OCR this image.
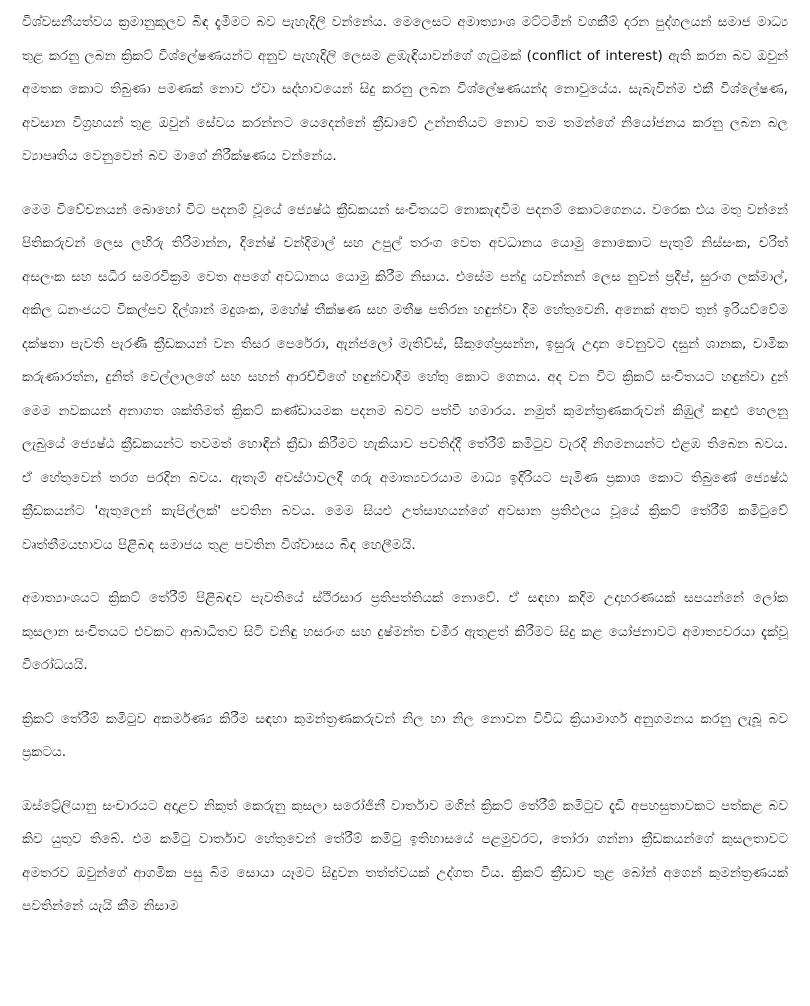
විශ්වසනීයත්වය ක්‍රමානුකූලව බිඳ දැමීමට බව පැහැදිලි වන්නේය. මෙලෙසට අමාත්‍යාංශ මට්ටමින් වගකීම් දරන පුද්ගලයන් සමාජ මාධ්‍ය තුළ කරනු ලබන ක්‍රිකට් විශ්ලේෂණයන්ට අනුව පැහැදිලි ලෙසම ළඹැඳියාවන්ගේ ගැටුමක් (conflict of interest) ඇති කරන බව ඔවුන් අමතක කොට තිබුණා පමණක් නොව ඒවා සද්භාවයෙන් සිදු කරනු ලබන විශ්ලේෂණයන්ද නොවුයේය. සැබැවින්ම එකී විශ්ලේෂණ, අවසාන විග්‍රහයන් තුළ ඔවුන් සේවය කරන්නට යෙදෙන්නේ ක්‍රීඩාවේ උන්නතියට නොව තම තමන්ගේ නියෝජනය කරනු ලබන බල ව්‍යාපෘතිය වෙනුවෙන් බව මාගේ නිරීක්ෂණය වන්නේය.

මෙම විවේචනයන් බොහෝ විට පදනම් වූයේ ජ්‍යෙෂ්ඨ ක්‍රීඩකයන් සංචිතයට නොකැඳවීම පදනම් කොටගෙනය. වරෙක එය මතු වන්නේ පිතිකරුවන් ලෙස ලහිරු තිරිමාන්න, දිනේෂ් චන්දිමාල් සහ උපුල් තරංග වෙත අවධානය යොමු නොකොට පැතුම් නිස්සංක, චරිත් අසලංක සහ සධීර සමරවික්‍රම වෙත අපගේ අවධානය යොමු කිරීම නිසාය. එසේම පන්දු යවන්නන් ලෙස නුවන් ප්‍රදීප්, සුරංග ලක්මාල්, අකිල ධනංජයට විකල්පව දිල්ශාන් මදුශංක, මහේෂ් තීක්ෂණ සහ මතීෂ පතිරන හඳුන්වා දීම හේතුවෙනි. අනෙක් අතට තුන් ඉරියව්වේම දක්ෂතා පැවති පැරණි ක්‍රීඩකයන් වන තිසර පෙරේරා, ඇන්ජලෝ මැතිව්ස්, සීකුගේප්‍රසන්න, ඉසුරු උදාන වෙනුවට දසුන් ශානක, චාමික කරුණාරත්න, දුනිත් වෙල්ලාලගේ සහ සහන් ආරච්චිගේ හඳුන්වාදීම හේතු කොට ගෙනය. අද වන විට ක්‍රිකට් සංචිතයට හඳුන්වා දුන් මෙම නවකයන් අනාගත ශක්තිමත් ක්‍රිකට් කණ්ඩායමක පදනම බවට පත්වී හමාරය. නමුත් කුමන්ත්‍රණකරුවන් කිඹුල් කඳුළු හෙලනු ලැබුයේ ජ්‍යෙෂ්ඨ ක්‍රීඩකයන්ට තවමත් හොඳින් ක්‍රීඩා කිරීමට හැකියාව පවතිද්දී තේරීම් කමිටුව වැරදි නිගමනයන්ට එළඹ තිබෙන බවය. ඒ හේතුවෙන් තරග පරදින බවය. ඇතැම් අවස්ථාවලදී ගරු අමාත්‍යවරයාම මාධ්‍ය ඉදිරියට පැමිණ ප්‍රකාශ කොට තිබුණේ ජ්‍යෙෂ්ඨ ක්‍රීඩකයන්ට 'ඇතුලෙන් කැපිල්ලක්' පවතින බවය. මෙම සියළු උත්සාහයන්ගේ අවසාන ප්‍රතිඵලය වූයේ ක්‍රිකට් තේරීම් කමිටුවේ වෘත්තීමයභාවය පිළිබඳ සමාජය තුළ පවතින විශ්වාසය බිඳ හෙලීමයි.

අමාත්‍යාංශයට ක්‍රිකට් තේරීම් පිළිබඳව පැවතියේ ස්ථිරසාර ප්‍රතිපත්තියක් නොවේ. ඒ සඳහා කදිම උදාහරණයක් සපයන්නේ ලෝක කුසලාන සංචිතයට එවකට ආබාධිතව සිටි වනිඳු හසරංග සහ දුෂ්මන්ත චමීර ඇතුළත් කිරීමට සිදු කළ යෝජනාවට අමාත්‍යවරයා දැක්වූ විරෝධයයි.

ක්‍රිකට් තේරීම් කමිටුව අකර්මණ්‍ය කිරීම සඳහා කුමන්ත්‍රණකරුවන් නිල හා නිල නොවන විවිධ ක්‍රියාමාර්ග අනුගමනය කරනු ලැබූ බව ප්‍රකටය.

ඔස්ට්‍රේලියානු සංචාරයට අදාළව නිකුත් කෙරුනු කුසලා සරෝජිනී වාර්තාව මගින් ක්‍රිකට් තේරීම් කමිටුව දැඩි අපහසුතාවකට පත්කළ බව කිව යුතුව තිබේ. එම කමිටු වාර්තාව හේතුවෙන් තේරීම් කමිටු ඉතිහාසයේ පළමුවරට, තෝරා ගන්නා ක්‍රීඩකයන්ගේ කුසලතාවට අමතරව ඔවුන්ගේ ආගමික පසු බිම සොයා යෑමට සිදුවන තත්ත්වයක් උද්ගත විය. ක්‍රිකට් ක්‍රීඩාව තුළ බෝන් අගෙන් කුමන්ත්‍රණයක් පවතින්නේ යැයි කීම නිසාම
